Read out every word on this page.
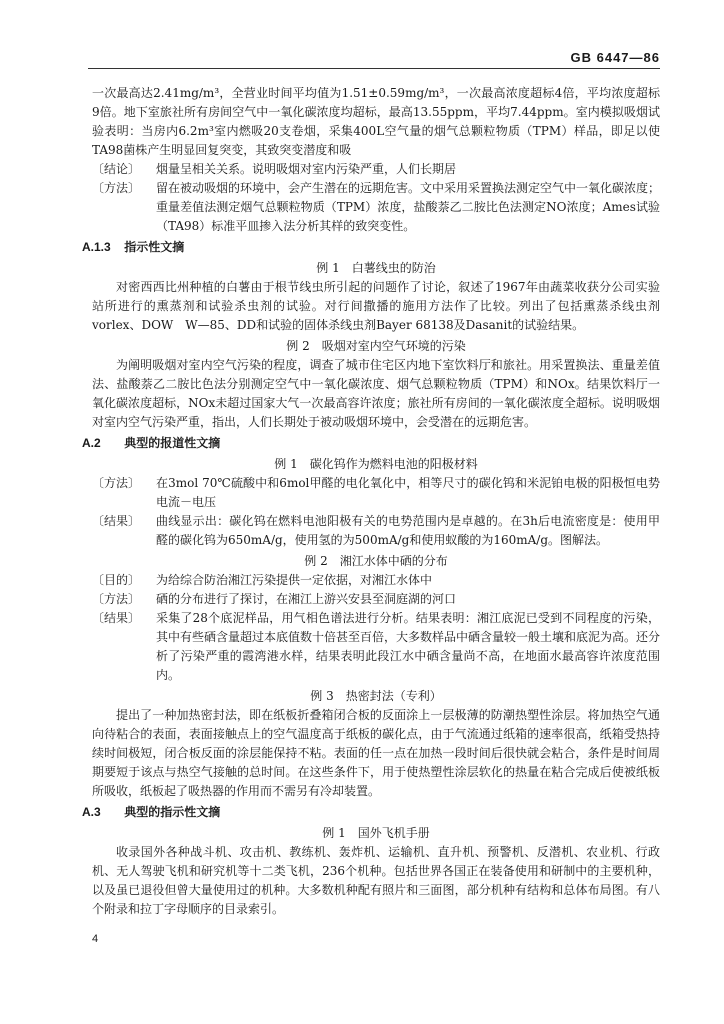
GB 6447—86

一次最高达2.41mg/m³，全营业时间平均值为1.51±0.59mg/m³，一次最高浓度超标4倍，平均浓度超标9倍。地下室旅社所有房间空气中一氧化碳浓度均超标，最高13.55ppm，平均7.44ppm。室内模拟吸烟试验表明：当房内6.2m³室内燃吸20支卷烟，采集400L空气量的烟气总颗粒物质（TPM）样品，即足以使TA98菌株产生明显回复突变，其致突变潜度和吸

〔结论〕	烟量呈相关关系。说明吸烟对室内污染严重，人们长期居
〔方法〕	留在被动吸烟的环境中，会产生潜在的远期危害。文中采用采置换法测定空气中一氧化碳浓度；重量差值法测定烟气总颗粒物质（TPM）浓度，盐酸萘乙二胺比色法测定NO浓度；Ames试验（TA98）标准平皿掺入法分析其样的致突变性。
A.1.3 指示性文摘
例 1　白薯线虫的防治

对密西西比州种植的白薯由于根节线虫所引起的问题作了讨论，叙述了1967年由蔬菜收获分公司实验站所进行的熏蒸剂和试验杀虫剂的试验。对行间撒播的施用方法作了比较。列出了包括熏蒸杀线虫剂vorlex、DOW　W—85、DD和试验的固体杀线虫剂Bayer 68138及Dasanit的试验结果。

例 2　吸烟对室内空气环境的污染

为阐明吸烟对室内空气污染的程度，调查了城市住宅区内地下室饮料厅和旅社。用采置换法、重量差值法、盐酸萘乙二胺比色法分别测定空气中一氧化碳浓度、烟气总颗粒物质（TPM）和NOx。结果饮料厅一氧化碳浓度超标，NOx未超过国家大气一次最高容许浓度；旅社所有房间的一氧化碳浓度全超标。说明吸烟对室内空气污染严重，指出，人们长期处于被动吸烟环境中，会受潜在的远期危害。

A.2 典型的报道性文摘
例 1　碳化钨作为燃料电池的阳极材料
〔方法〕	在3mol 70℃硫酸中和6mol甲醛的电化氧化中，相等尺寸的碳化钨和米泥铂电极的阳极恒电势电流－电压
〔结果〕	曲线显示出：碳化钨在燃料电池阳极有关的电势范围内是卓越的。在3h后电流密度是：使用甲醛的碳化钨为650mA/g，使用氢的为500mA/g和使用蚁酸的为160mA/g。图解法。
例 2　湘江水体中硒的分布
〔目的〕	为给综合防治湘江污染提供一定依据，对湘江水体中
〔方法〕	硒的分布进行了探讨，在湘江上游兴安县至洞庭湖的河口
〔结果〕	采集了28个底泥样品，用气相色谱法进行分析。结果表明：湘江底泥已受到不同程度的污染，其中有些硒含量超过本底值数十倍甚至百倍，大多数样品中硒含量较一般土壤和底泥为高。还分析了污染严重的霞湾港水样，结果表明此段江水中硒含量尚不高，在地面水最高容许浓度范围内。
例 3　热密封法（专利）

提出了一种加热密封法，即在纸板折叠箱闭合板的反面涂上一层极薄的防潮热塑性涂层。将加热空气通向待粘合的表面，表面接触点上的空气温度高于纸板的碳化点，由于气流通过纸箱的速率很高，纸箱受热持续时间极短，闭合板反面的涂层能保持不粘。表面的任一点在加热一段时间后很快就会粘合，条件是时间周期要短于该点与热空气接触的总时间。在这些条件下，用于使热塑性涂层软化的热量在粘合完成后使被纸板所吸收，纸板起了吸热器的作用而不需另有冷却装置。

A.3 典型的指示性文摘
例 1　国外飞机手册

收录国外各种战斗机、攻击机、教练机、轰炸机、运输机、直升机、预警机、反潜机、农业机、行政机、无人驾驶飞机和研究机等十二类飞机，236个机种。包括世界各国正在装备使用和研制中的主要机种，以及虽已退役但曾大量使用过的机种。大多数机种配有照片和三面图，部分机种有结构和总体布局图。有八个附录和拉丁字母顺序的目录索引。

4
